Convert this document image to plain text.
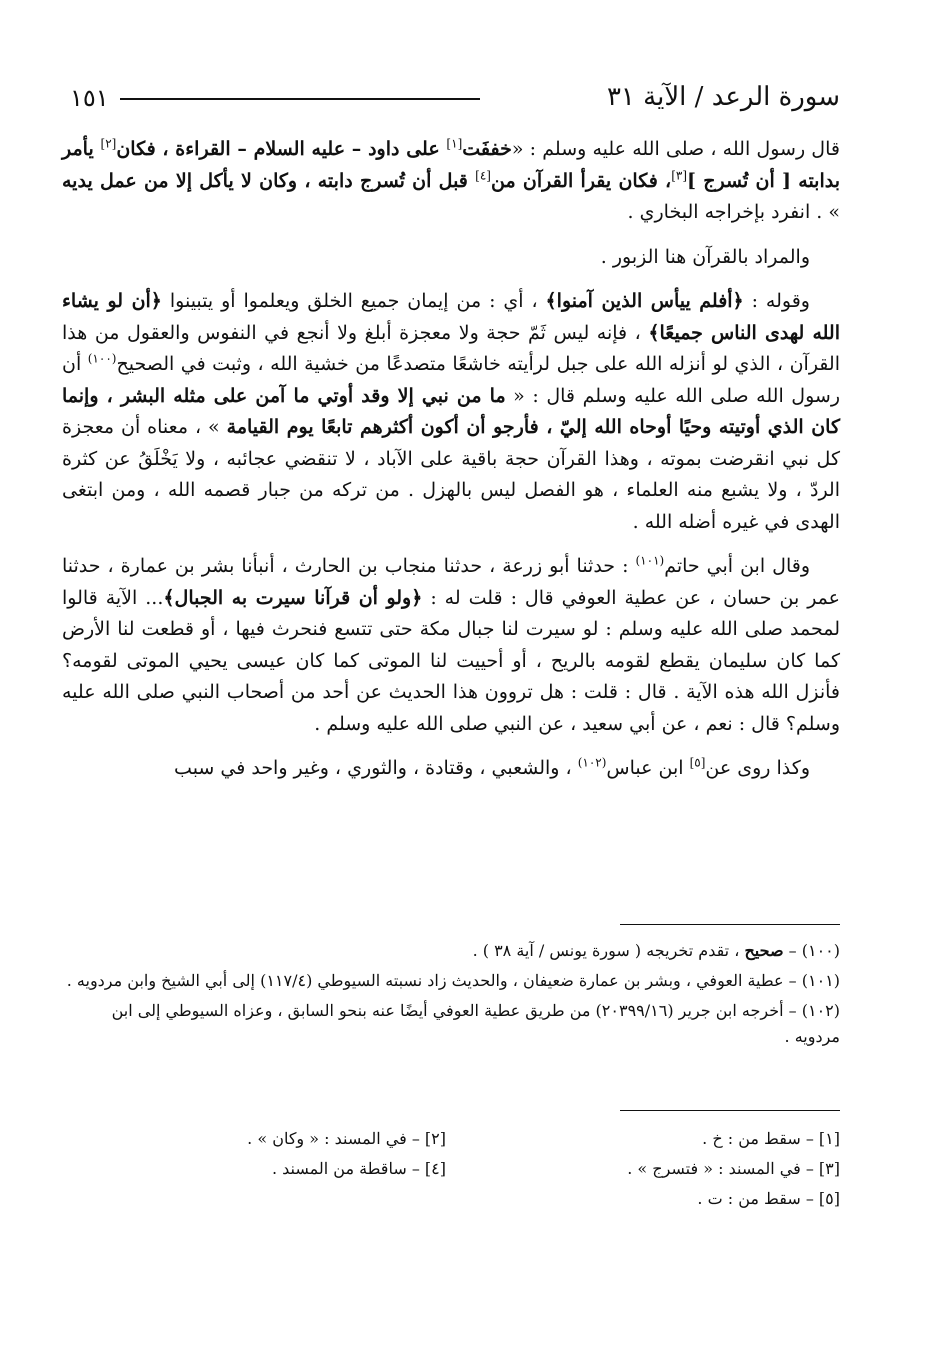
سورة الرعد / الآية ٣١
١٥١

قال رسول الله ، صلى الله عليه وسلم : «خففَت[١] على داود – عليه السلام – القراءة ، فكان[٢] يأمر بدابته [ أن تُسرج ][٣]، فكان يقرأ القرآن من[٤] قبل أن تُسرج دابته ، وكان لا يأكل إلا من عمل يديه » . انفرد بإخراجه البخاري .

والمراد بالقرآن هنا الزبور .

وقوله : ﴿أفلم ييأس الذين آمنوا﴾ ، أي : من إيمان جميع الخلق ويعلموا أو يتبينوا ﴿أن لو يشاء الله لهدى الناس جميعًا﴾ ، فإنه ليس ثَمّ حجة ولا معجزة أبلغ ولا أنجع في النفوس والعقول من هذا القرآن ، الذي لو أنزله الله على جبل لرأيته خاشعًا متصدعًا من خشية الله ، وثبت في الصحيح$^{(١٠٠)}$ أن رسول الله صلى الله عليه وسلم قال : « ما من نبي إلا وقد أوتي ما آمن على مثله البشر ، وإنما كان الذي أوتيته وحيًا أوحاه الله إليّ ، فأرجو أن أكون أكثرهم تابعًا يوم القيامة » ، معناه أن معجزة كل نبي انقرضت بموته ، وهذا القرآن حجة باقية على الآباد ، لا تنقضي عجائبه ، ولا يَخْلَقُ عن كثرة الردّ ، ولا يشبع منه العلماء ، هو الفصل ليس بالهزل . من تركه من جبار قصمه الله ، ومن ابتغى الهدى في غيره أضله الله .

وقال ابن أبي حاتم$^{(١٠١)}$ : حدثنا أبو زرعة ، حدثنا منجاب بن الحارث ، أنبأنا بشر بن عمارة ، حدثنا عمر بن حسان ، عن عطية العوفي قال : قلت له : ﴿ولو أن قرآنا سيرت به الجبال﴾... الآية قالوا لمحمد صلى الله عليه وسلم : لو سيرت لنا جبال مكة حتى تتسع فنحرث فيها ، أو قطعت لنا الأرض كما كان سليمان يقطع لقومه بالريح ، أو أحييت لنا الموتى كما كان عيسى يحيي الموتى لقومه؟ فأنزل الله هذه الآية . قال : قلت : هل تروون هذا الحديث عن أحد من أصحاب النبي صلى الله عليه وسلم؟ قال : نعم ، عن أبي سعيد ، عن النبي صلى الله عليه وسلم .

وكذا روى عن[٥] ابن عباس$^{(١٠٢)}$ ، والشعبي ، وقتادة ، والثوري ، وغير واحد في سبب

(١٠٠) – صحيح ، تقدم تخريجه ( سورة يونس / آية ٣٨ ) .
(١٠١) – عطية العوفي ، وبشر بن عمارة ضعيفان ، والحديث زاد نسبته السيوطي (١١٧/٤) إلى أبي الشيخ وابن مردويه .
(١٠٢) – أخرجه ابن جرير (٢٠٣٩٩/١٦) من طريق عطية العوفي أيضًا عنه بنحو السابق ، وعزاه السيوطي إلى ابن مردويه .
[١] – سقط من : خ .
[٢] – في المسند : « وكان » .
[٣] – في المسند : « فتسرج » .
[٤] – ساقطة من المسند .
[٥] – سقط من : ت .
